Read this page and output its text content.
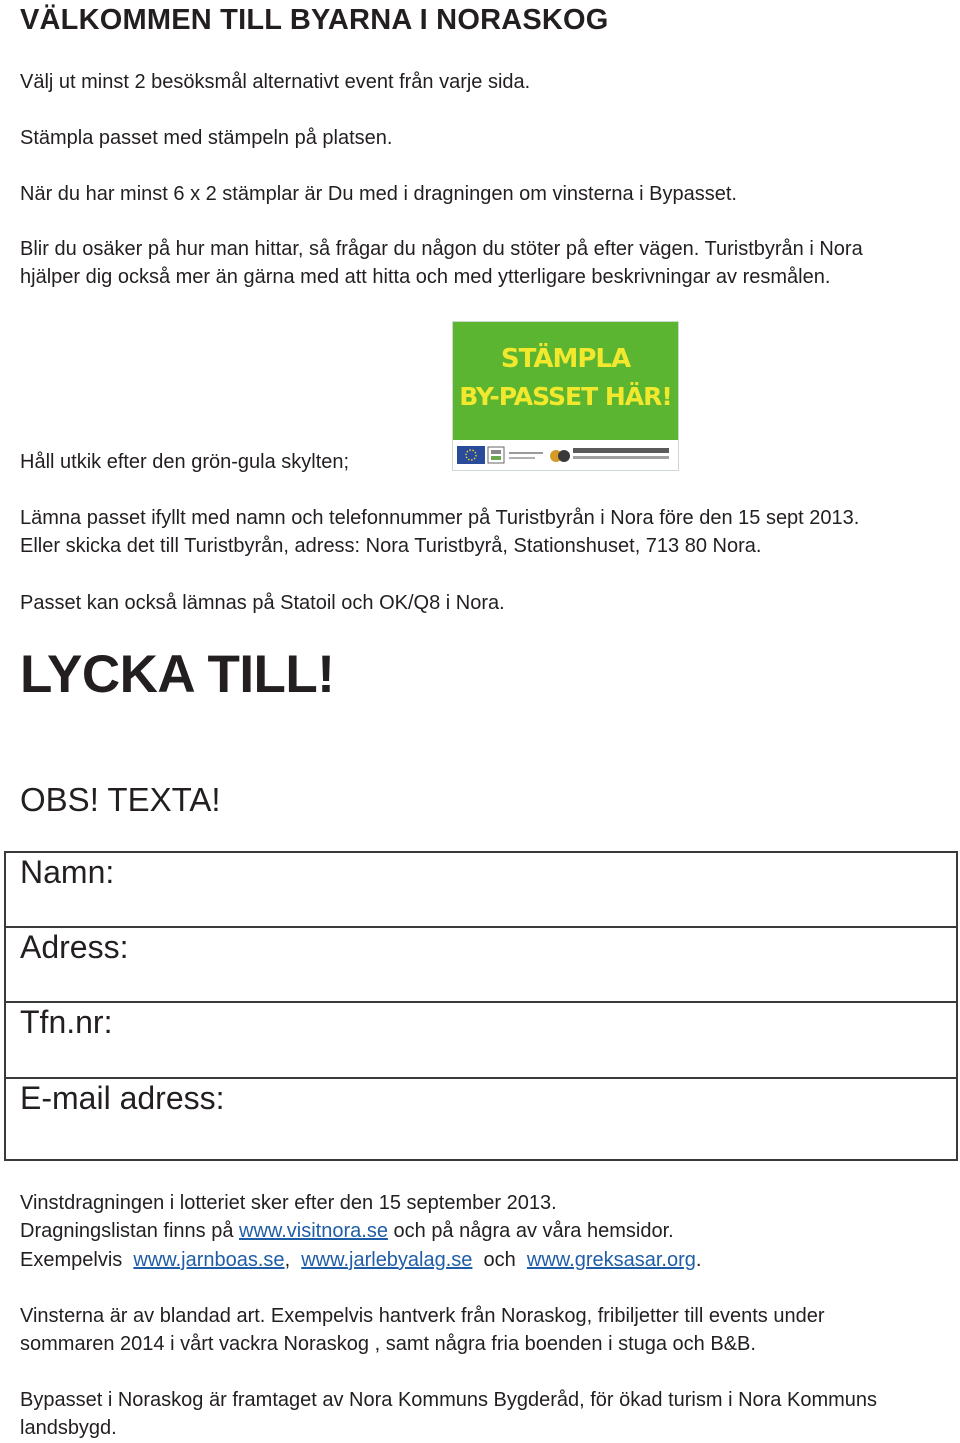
VÄLKOMMEN TILL BYARNA I NORASKOG
Välj ut minst 2 besöksmål alternativt event från varje sida.
Stämpla passet med stämpeln på platsen.
När du har minst 6 x 2 stämplar är Du med i dragningen om vinsterna i Bypasset.
Blir du osäker på hur man hittar, så frågar du någon du stöter på efter vägen. Turistbyrån i Nora
hjälper dig också mer än gärna med att hitta och med ytterligare beskrivningar av resmålen.
STÄMPLA
BY-PASSET HÄR!
Håll utkik efter den grön-gula skylten;
Lämna passet ifyllt med namn och telefonnummer på Turistbyrån i Nora före den 15 sept 2013.
Eller skicka det till Turistbyrån, adress: Nora Turistbyrå, Stationshuset, 713 80 Nora.
Passet kan också lämnas på Statoil och OK/Q8 i Nora.
LYCKA TILL!
OBS! TEXTA!
Namn:
Adress:
Tfn.nr:
E-mail adress:
Vinstdragningen i lotteriet sker efter den 15 september 2013.
Dragningslistan finns på www.visitnora.se och på några av våra hemsidor.
Exempelvis  www.jarnboas.se,  www.jarlebyalag.se  och  www.greksasar.org.
Vinsterna är av blandad art. Exempelvis hantverk från Noraskog, fribiljetter till events under
sommaren 2014 i vårt vackra Noraskog , samt några fria boenden i stuga och B&B.
Bypasset i Noraskog är framtaget av Nora Kommuns Bygderåd, för ökad turism i Nora Kommuns
landsbygd.
